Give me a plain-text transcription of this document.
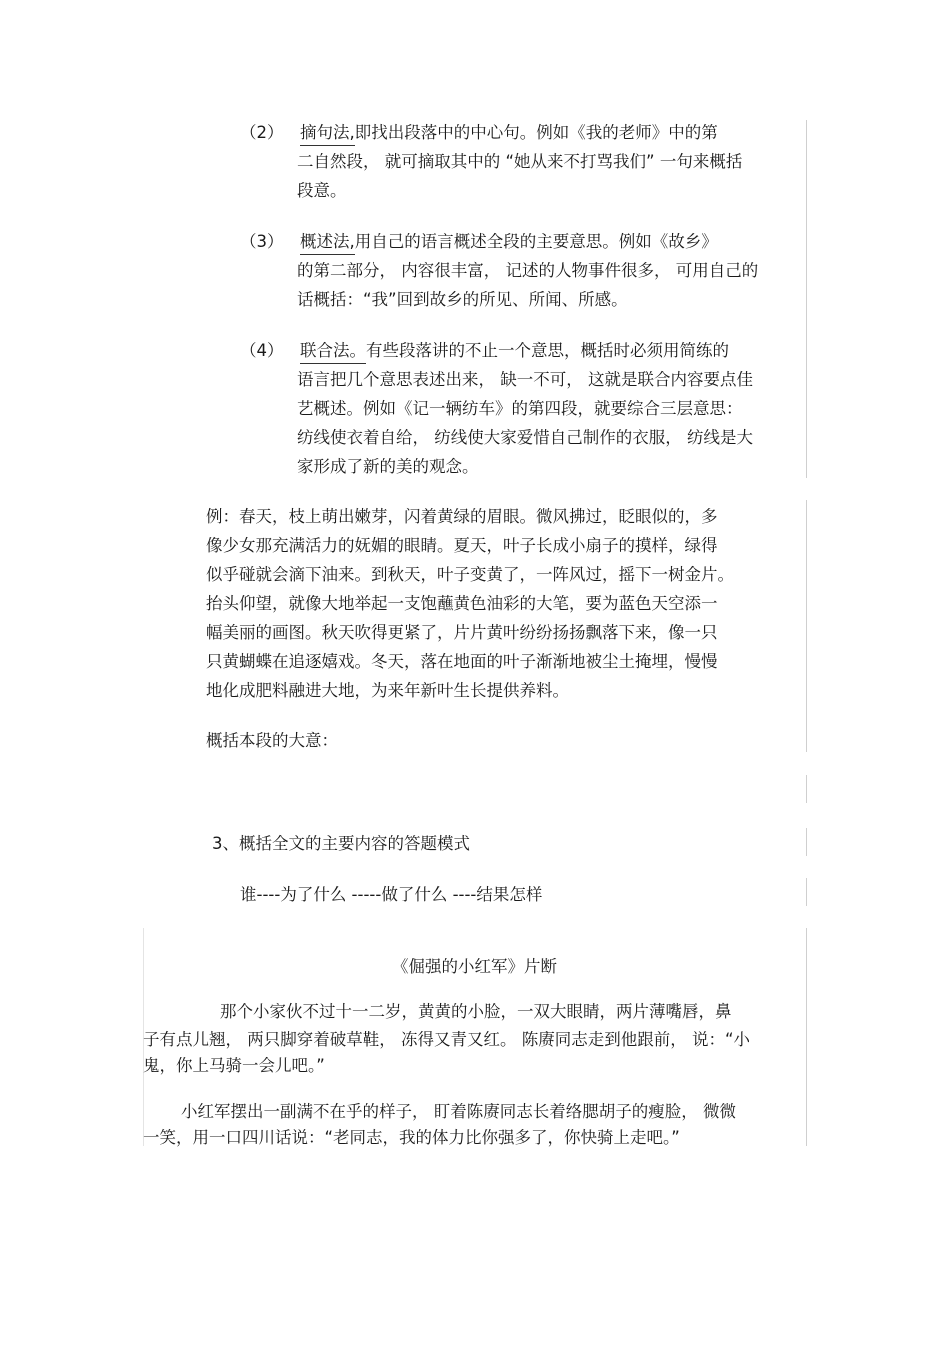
（2） 摘句法,即找出段落中的中心句。例如《我的老师》中的第
二自然段， 就可摘取其中的 “她从来不打骂我们” 一句来概括
段意。
（3） 概述法,用自己的语言概述全段的主要意思。例如《故乡》
的第二部分， 内容很丰富， 记述的人物事件很多， 可用自己的
话概括：“我”回到故乡的所见、所闻、所感。
（4） 联合法。有些段落讲的不止一个意思，概括时必须用简练的
语言把几个意思表述出来， 缺一不可， 这就是联合内容要点佳
艺概述。例如《记一辆纺车》的第四段，就要综合三层意思：
纺线使衣着自给， 纺线使大家爱惜自己制作的衣服， 纺线是大
家形成了新的美的观念。
例：春天，枝上萌出嫩芽，闪着黄绿的眉眼。微风拂过，眨眼似的，多
像少女那充满活力的妩媚的眼睛。夏天，叶子长成小扇子的摸样，绿得
似乎碰就会滴下油来。到秋天，叶子变黄了，一阵风过，摇下一树金片。
抬头仰望，就像大地举起一支饱蘸黄色油彩的大笔，要为蓝色天空添一
幅美丽的画图。秋天吹得更紧了，片片黄叶纷纷扬扬飘落下来，像一只
只黄蝴蝶在追逐嬉戏。冬天，落在地面的叶子渐渐地被尘土掩埋，慢慢
地化成肥料融进大地，为来年新叶生长提供养料。
概括本段的大意：
3、概括全文的主要内容的答题模式
谁----为了什么 -----做了什么 ----结果怎样
《倔强的小红军》片断
那个小家伙不过十一二岁，黄黄的小脸，一双大眼睛，两片薄嘴唇，鼻
子有点儿翘， 两只脚穿着破草鞋， 冻得又青又红。 陈赓同志走到他跟前， 说：“小
鬼，你上马骑一会儿吧。”
小红军摆出一副满不在乎的样子， 盯着陈赓同志长着络腮胡子的瘦脸， 微微
一笑，用一口四川话说：“老同志，我的体力比你强多了，你快骑上走吧。”
